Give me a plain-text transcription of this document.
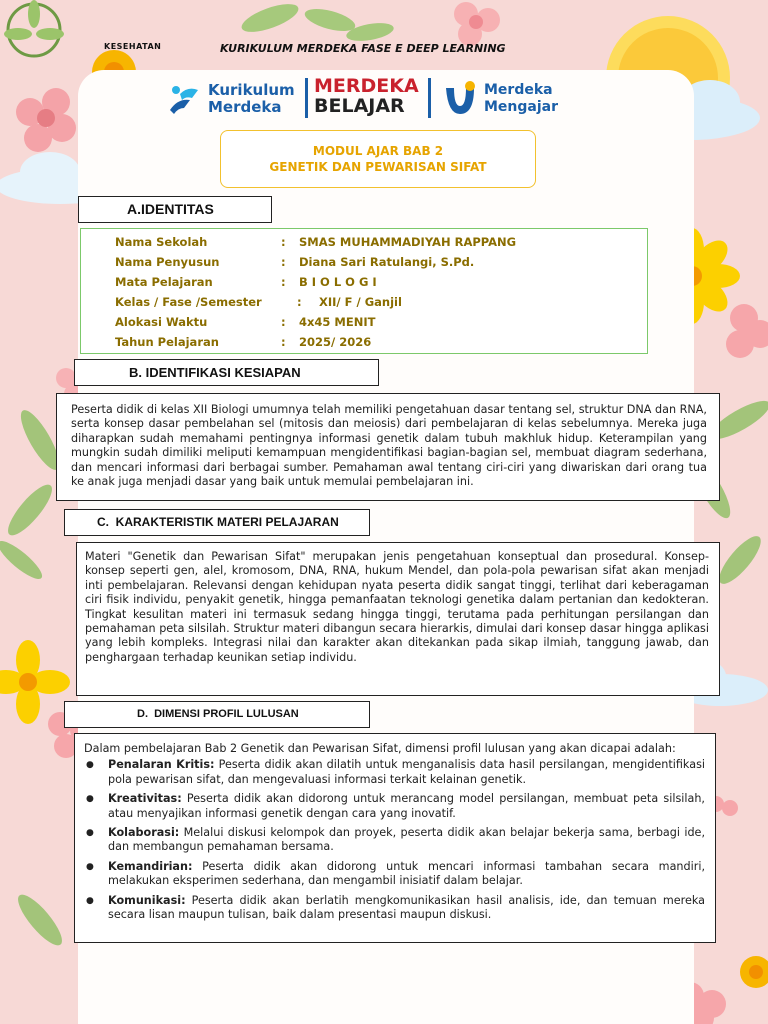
KESEHATAN	KURIKULUM MERDEKA FASE E DEEP LEARNING
Kurikulum
Merdeka
MERDEKA
BELAJAR
Merdeka
Mengajar
MODUL AJAR BAB 2
GENETIK DAN PEWARISAN SIFAT
A.IDENTITAS
Nama Sekolah	: SMAS MUHAMMADIYAH RAPPANG
Nama Penyusun	: Diana Sari Ratulangi, S.Pd.
Mata Pelajaran	: B I O L O G I
Kelas / Fase /Semester	: XII/ F / Ganjil
Alokasi Waktu	: 4x45 MENIT
Tahun Pelajaran	: 2025/ 2026
B. IDENTIFIKASI KESIAPAN

Peserta didik di kelas XII Biologi umumnya telah memiliki pengetahuan dasar tentang sel, struktur DNA dan RNA, serta konsep dasar pembelahan sel (mitosis dan meiosis) dari pembelajaran di kelas sebelumnya. Mereka juga diharapkan sudah memahami pentingnya informasi genetik dalam tubuh makhluk hidup. Keterampilan yang mungkin sudah dimiliki meliputi kemampuan mengidentifikasi bagian-bagian sel, membuat diagram sederhana, dan mencari informasi dari berbagai sumber. Pemahaman awal tentang ciri-ciri yang diwariskan dari orang tua ke anak juga menjadi dasar yang baik untuk memulai pembelajaran ini.

C.  KARAKTERISTIK MATERI PELAJARAN

Materi "Genetik dan Pewarisan Sifat" merupakan jenis pengetahuan konseptual dan prosedural. Konsep-konsep seperti gen, alel, kromosom, DNA, RNA, hukum Mendel, dan pola-pola pewarisan sifat akan menjadi inti pembelajaran. Relevansi dengan kehidupan nyata peserta didik sangat tinggi, terlihat dari keberagaman ciri fisik individu, penyakit genetik, hingga pemanfaatan teknologi genetika dalam pertanian dan kedokteran. Tingkat kesulitan materi ini termasuk sedang hingga tinggi, terutama pada perhitungan persilangan dan pemahaman peta silsilah. Struktur materi dibangun secara hierarkis, dimulai dari konsep dasar hingga aplikasi yang lebih kompleks. Integrasi nilai dan karakter akan ditekankan pada sikap ilmiah, tanggung jawab, dan penghargaan terhadap keunikan setiap individu.

D.  DIMENSI PROFIL LULUSAN

Dalam pembelajaran Bab 2 Genetik dan Pewarisan Sifat, dimensi profil lulusan yang akan dicapai adalah:

● Penalaran Kritis: Peserta didik akan dilatih untuk menganalisis data hasil persilangan, mengidentifikasi pola pewarisan sifat, dan mengevaluasi informasi terkait kelainan genetik.
● Kreativitas: Peserta didik akan didorong untuk merancang model persilangan, membuat peta silsilah, atau menyajikan informasi genetik dengan cara yang inovatif.
● Kolaborasi: Melalui diskusi kelompok dan proyek, peserta didik akan belajar bekerja sama, berbagi ide, dan membangun pemahaman bersama.
● Kemandirian: Peserta didik akan didorong untuk mencari informasi tambahan secara mandiri, melakukan eksperimen sederhana, dan mengambil inisiatif dalam belajar.
● Komunikasi: Peserta didik akan berlatih mengkomunikasikan hasil analisis, ide, dan temuan mereka secara lisan maupun tulisan, baik dalam presentasi maupun diskusi.
